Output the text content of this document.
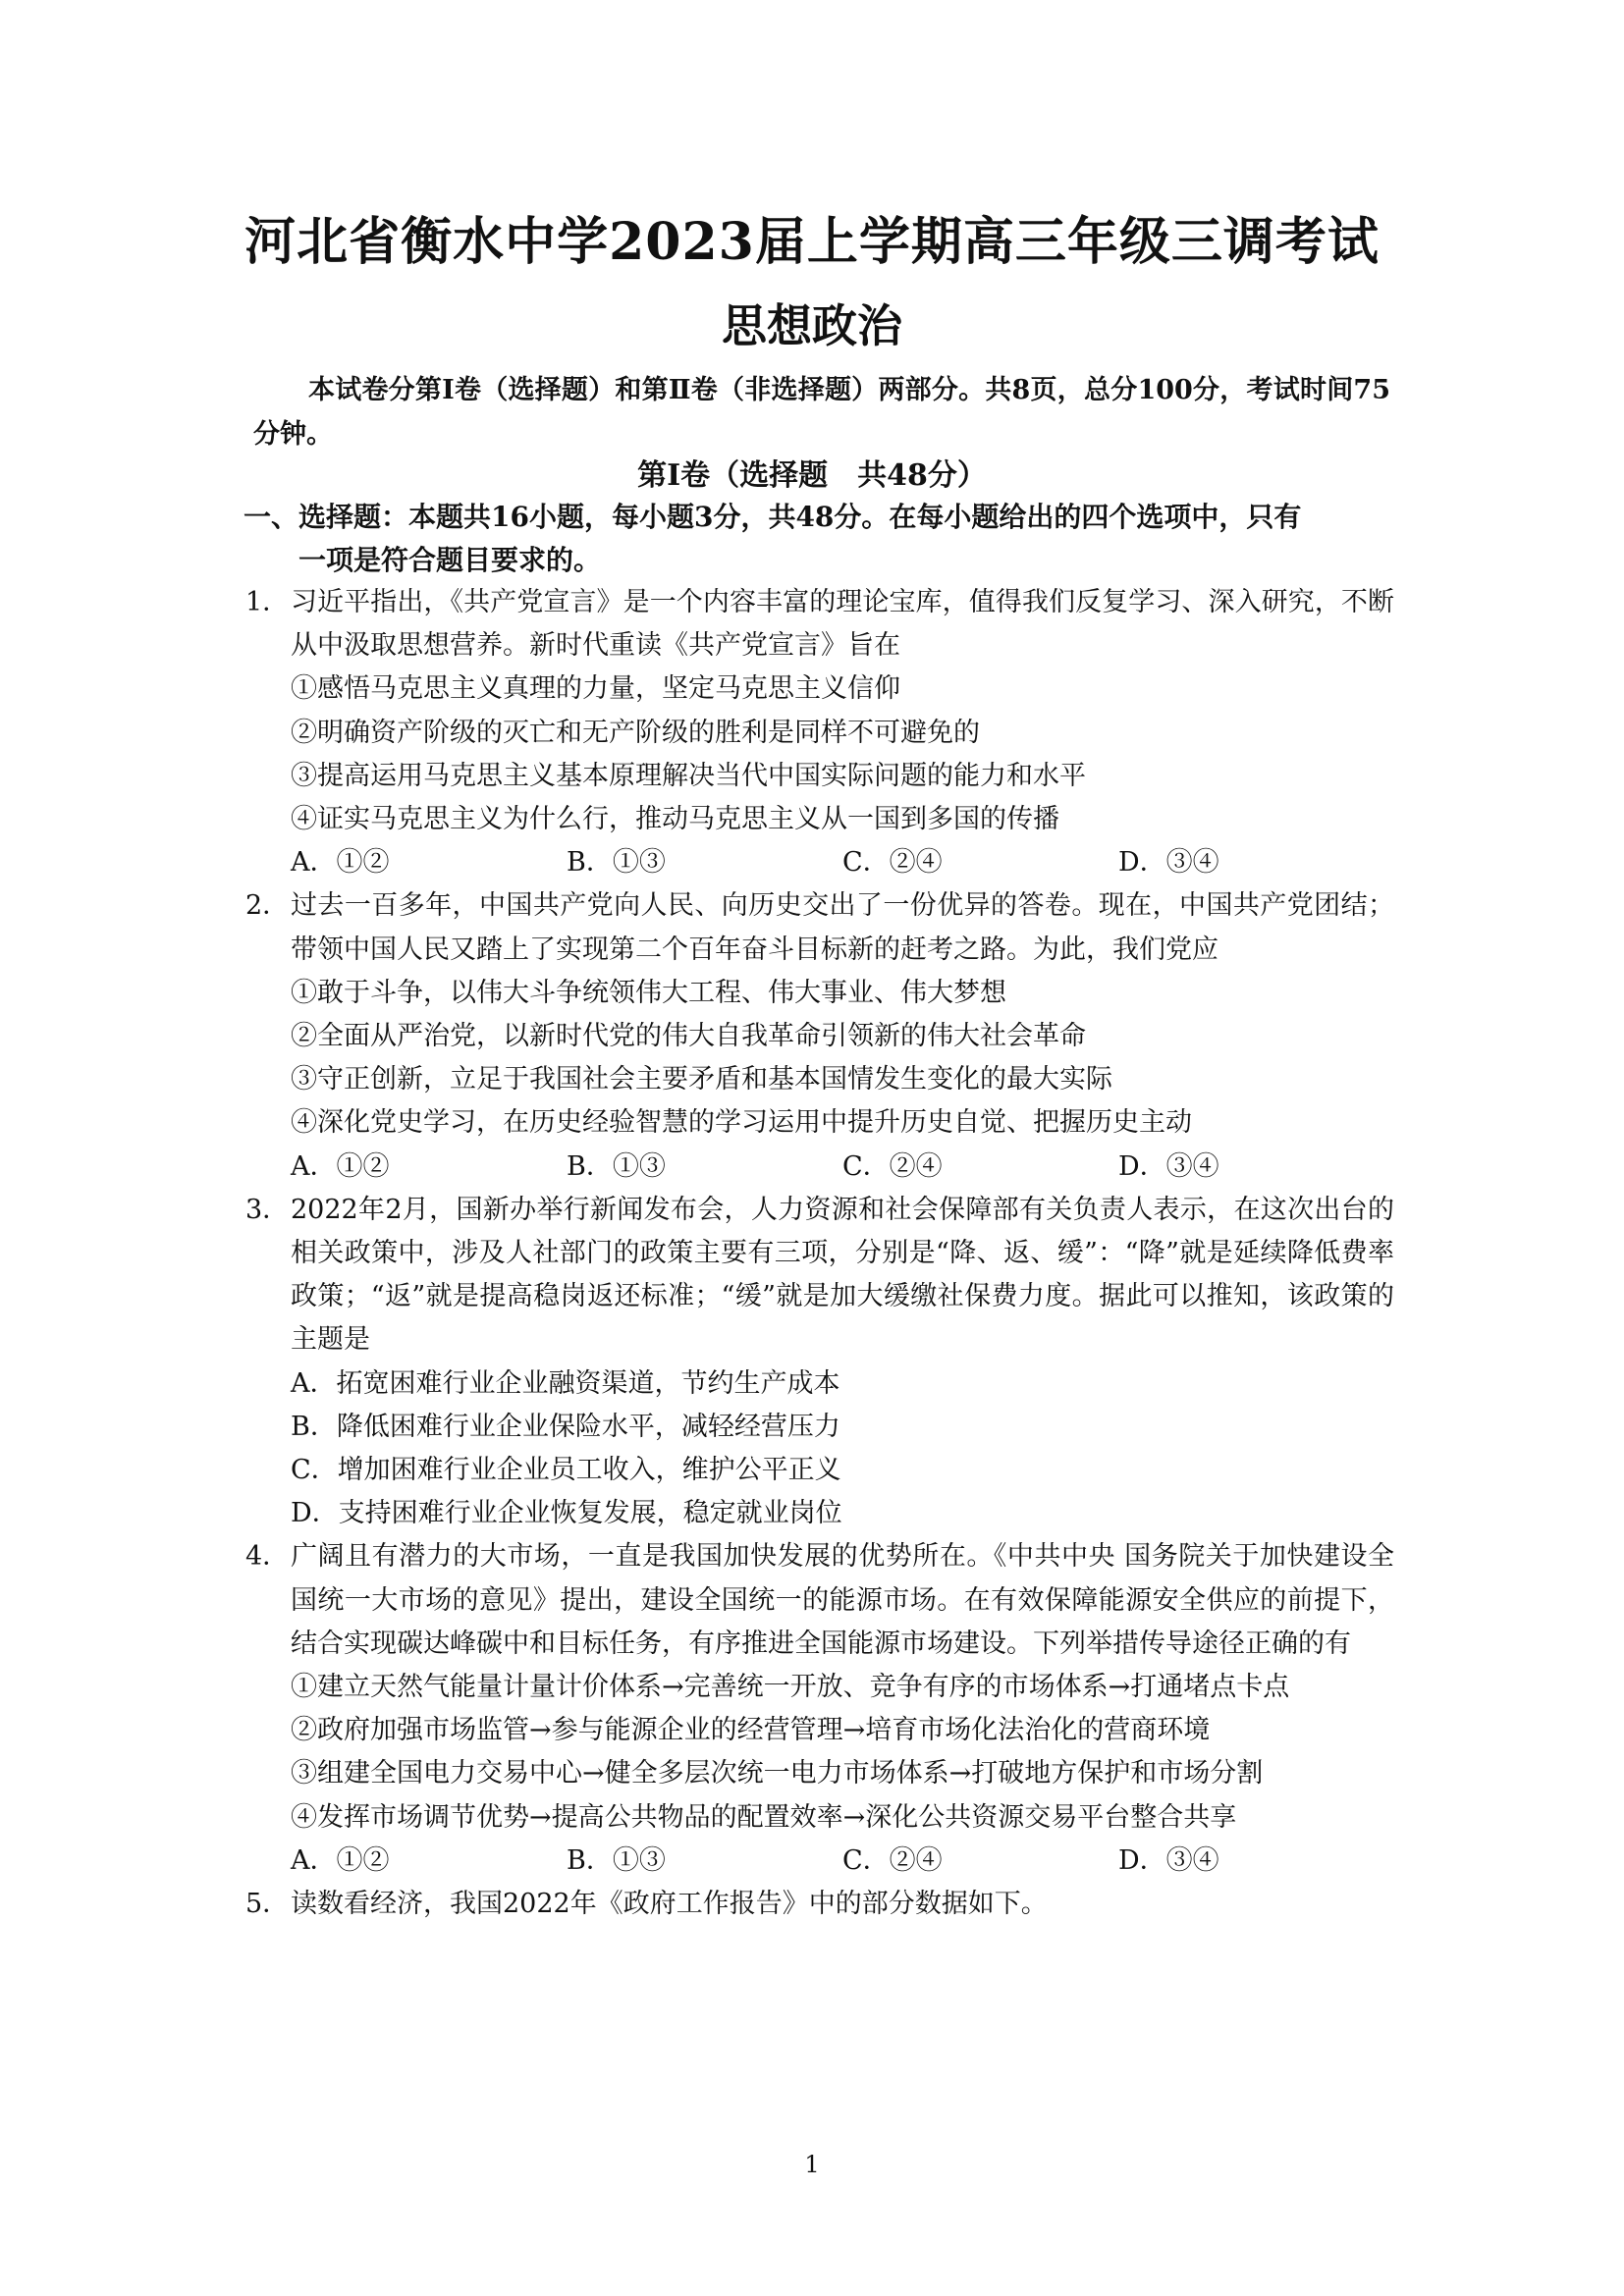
河北省衡水中学2023届上学期高三年级三调考试
思想政治
本试卷分第Ⅰ卷（选择题）和第Ⅱ卷（非选择题）两部分。共8页，总分100分，考试时间75分钟。
第Ⅰ卷（选择题　共48分）
一、选择题：本题共16小题，每小题3分，共48分。在每小题给出的四个选项中，只有
一项是符合题目要求的。
1． 习近平指出，《共产党宣言》是一个内容丰富的理论宝库，值得我们反复学习、深入研究，不断从中汲取思想营养。新时代重读《共产党宣言》旨在
①感悟马克思主义真理的力量，坚定马克思主义信仰
②明确资产阶级的灭亡和无产阶级的胜利是同样不可避免的
③提高运用马克思主义基本原理解决当代中国实际问题的能力和水平
④证实马克思主义为什么行，推动马克思主义从一国到多国的传播
A．①②	B．①③	C．②④	D．③④
2． 过去一百多年，中国共产党向人民、向历史交出了一份优异的答卷。现在，中国共产党团结；带领中国人民又踏上了实现第二个百年奋斗目标新的赶考之路。为此，我们党应
①敢于斗争，以伟大斗争统领伟大工程、伟大事业、伟大梦想
②全面从严治党，以新时代党的伟大自我革命引领新的伟大社会革命
③守正创新，立足于我国社会主要矛盾和基本国情发生变化的最大实际
④深化党史学习，在历史经验智慧的学习运用中提升历史自觉、把握历史主动
A．①②	B．①③	C．②④	D．③④
3． 2022年2月，国新办举行新闻发布会，人力资源和社会保障部有关负责人表示，在这次出台的相关政策中，涉及人社部门的政策主要有三项，分别是“降、返、缓”：“降”就是延续降低费率政策；“返”就是提高稳岗返还标准；“缓”就是加大缓缴社保费力度。据此可以推知，该政策的主题是
A．拓宽困难行业企业融资渠道，节约生产成本
B．降低困难行业企业保险水平，减轻经营压力
C．增加困难行业企业员工收入，维护公平正义
D．支持困难行业企业恢复发展，稳定就业岗位
4． 广阔且有潜力的大市场，一直是我国加快发展的优势所在。《中共中央 国务院关于加快建设全国统一大市场的意见》提出，建设全国统一的能源市场。在有效保障能源安全供应的前提下，结合实现碳达峰碳中和目标任务，有序推进全国能源市场建设。下列举措传导途径正确的有
①建立天然气能量计量计价体系→完善统一开放、竞争有序的市场体系→打通堵点卡点
②政府加强市场监管→参与能源企业的经营管理→培育市场化法治化的营商环境
③组建全国电力交易中心→健全多层次统一电力市场体系→打破地方保护和市场分割
④发挥市场调节优势→提高公共物品的配置效率→深化公共资源交易平台整合共享
A．①②	B．①③	C．②④	D．③④
5． 读数看经济，我国2022年《政府工作报告》中的部分数据如下。
1
